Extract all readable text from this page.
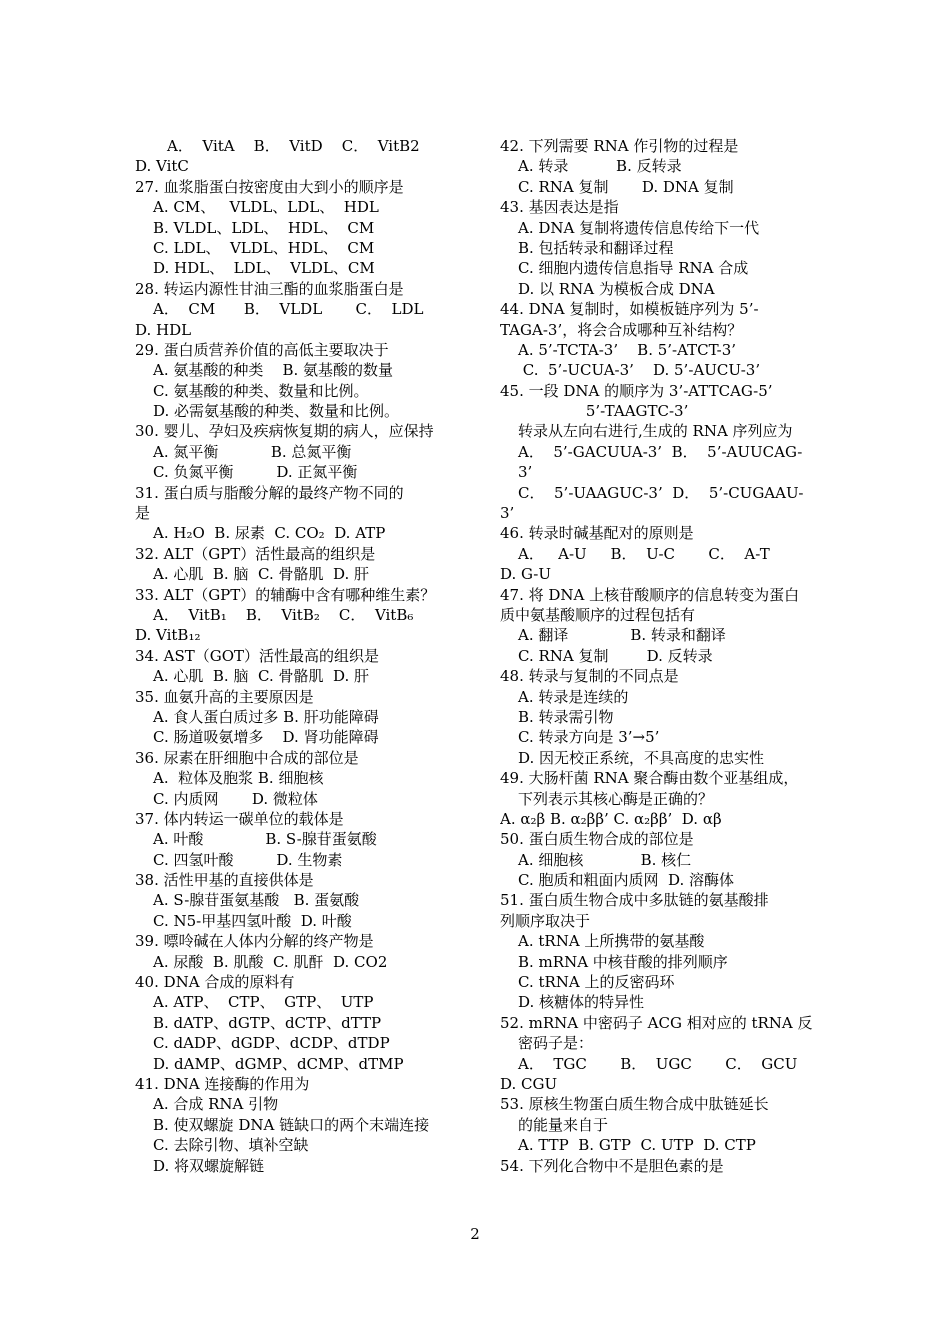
A．  VitA    B．  VitD    C．  VitB2
D. VitC
27. 血浆脂蛋白按密度由大到小的顺序是
A. CM、   VLDL、LDL、  HDL
B. VLDL、LDL、  HDL、  CM
C. LDL、  VLDL、HDL、  CM
D. HDL、  LDL、  VLDL、CM
28. 转运内源性甘油三酯的血浆脂蛋白是
A．  CM      B．  VLDL       C．  LDL
D. HDL
29. 蛋白质营养价值的高低主要取决于
A. 氨基酸的种类    B. 氨基酸的数量
C. 氨基酸的种类、数量和比例。
D. 必需氨基酸的种类、数量和比例。
30. 婴儿、孕妇及疾病恢复期的病人，应保持
A. 氮平衡           B. 总氮平衡
C. 负氮平衡         D. 正氮平衡
31. 蛋白质与脂酸分解的最终产物不同的
是
A. H₂O  B. 尿素  C. CO₂  D. ATP
32. ALT（GPT）活性最高的组织是
A. 心肌  B. 脑  C. 骨骼肌  D. 肝
33. ALT（GPT）的辅酶中含有哪种维生素？
A．  VitB₁    B．  VitB₂    C．  VitB₆
D. VitB₁₂
34. AST（GOT）活性最高的组织是
A. 心肌  B. 脑  C. 骨骼肌  D. 肝
35. 血氨升高的主要原因是
A. 食人蛋白质过多 B. 肝功能障碍
C. 肠道吸氨增多    D. 肾功能障碍
36. 尿素在肝细胞中合成的部位是
A.  粒体及胞浆 B. 细胞核
C. 内质网       D. 微粒体
37. 体内转运一碳单位的载体是
A. 叶酸             B. S-腺苷蛋氨酸
C. 四氢叶酸         D. 生物素
38. 活性甲基的直接供体是
A. S-腺苷蛋氨基酸   B. 蛋氨酸
C. N5-甲基四氢叶酸  D. 叶酸
39. 嘌呤碱在人体内分解的终产物是
A. 尿酸  B. 肌酸  C. 肌酐  D. CO2
40. DNA 合成的原料有
A. ATP、  CTP、  GTP、  UTP
B. dATP、dGTP、dCTP、dTTP
C. dADP、dGDP、dCDP、dTDP
D. dAMP、dGMP、dCMP、dTMP
41. DNA 连接酶的作用为
A. 合成 RNA 引物
B. 使双螺旋 DNA 链缺口的两个末端连接
C. 去除引物、填补空缺
D. 将双螺旋解链
42. 下列需要 RNA 作引物的过程是
A. 转录          B. 反转录
C. RNA 复制       D. DNA 复制
43. 基因表达是指
A. DNA 复制将遗传信息传给下一代
B. 包括转录和翻译过程
C. 细胞内遗传信息指导 RNA 合成
D. 以 RNA 为模板合成 DNA
44. DNA 复制时，如模板链序列为 5’-
TAGA-3’，将会合成哪种互补结构？
A. 5’-TCTA-3’    B. 5’-ATCT-3’
C.  5’-UCUA-3’    D. 5’-AUCU-3’
45. 一段 DNA 的顺序为 3’-ATTCAG-5’
5’-TAAGTC-3’
转录从左向右进行,生成的 RNA 序列应为
A．  5’-GACUUA-3’  B．  5’-AUUCAG-
3’
C．  5’-UAAGUC-3’  D．  5’-CUGAAU-
3’
46. 转录时碱基配对的原则是
A．   A-U     B．  U-C       C．  A-T
D. G-U
47. 将 DNA 上核苷酸顺序的信息转变为蛋白
质中氨基酸顺序的过程包括有
A. 翻译             B. 转录和翻译
C. RNA 复制        D. 反转录
48. 转录与复制的不同点是
A. 转录是连续的
B. 转录需引物
C. 转录方向是 3’→5’
D. 因无校正系统，不具高度的忠实性
49. 大肠杆菌 RNA 聚合酶由数个亚基组成，
下列表示其核心酶是正确的？
A. α₂β B. α₂ββ’ C. α₂ββ’  D. αβ
50. 蛋白质生物合成的部位是
A. 细胞核            B. 核仁
C. 胞质和粗面内质网  D. 溶酶体
51. 蛋白质生物合成中多肽链的氨基酸排
列顺序取决于
A. tRNA 上所携带的氨基酸
B. mRNA 中核苷酸的排列顺序
C. tRNA 上的反密码环
D. 核糖体的特异性
52. mRNA 中密码子 ACG 相对应的 tRNA 反
密码子是：
A．  TGC       B．  UGC       C．  GCU
D. CGU
53. 原核生物蛋白质生物合成中肽链延长
的能量来自于
A. TTP  B. GTP  C. UTP  D. CTP
54. 下列化合物中不是胆色素的是
2
